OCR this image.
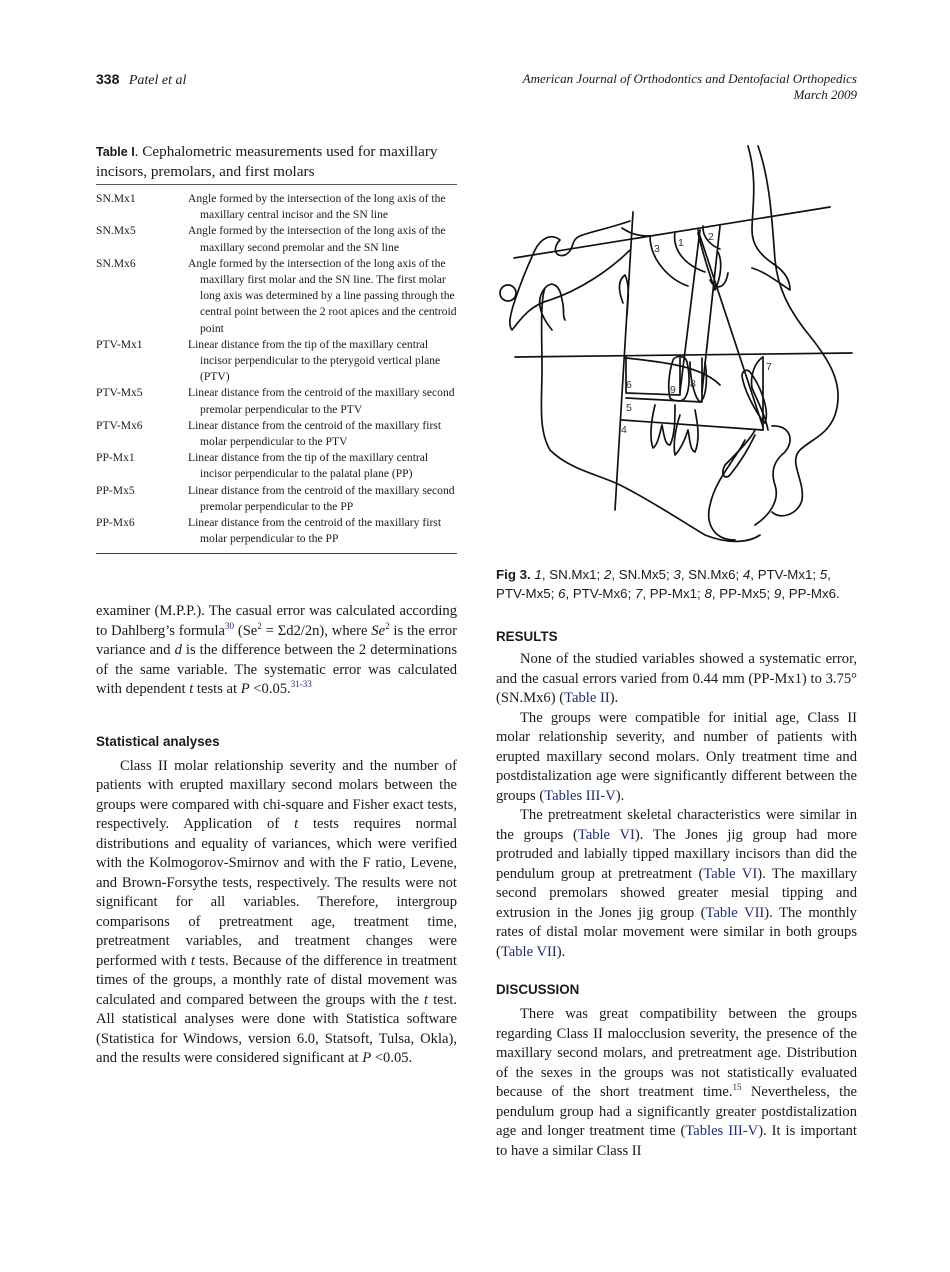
338 Patel et al	American Journal of Orthodontics and Dentofacial Orthopedics
March 2009
Table I. Cephalometric measurements used for maxillary incisors, premolars, and first molars
SN.Mx1	Angle formed by the intersection of the long axis of the maxillary central incisor and the SN line
SN.Mx5	Angle formed by the intersection of the long axis of the maxillary second premolar and the SN line
SN.Mx6	Angle formed by the intersection of the long axis of the maxillary first molar and the SN line. The first molar long axis was determined by a line passing through the central point between the 2 root apices and the centroid point
PTV-Mx1	Linear distance from the tip of the maxillary central incisor perpendicular to the pterygoid vertical plane (PTV)
PTV-Mx5	Linear distance from the centroid of the maxillary second premolar perpendicular to the PTV
PTV-Mx6	Linear distance from the centroid of the maxillary first molar perpendicular to the PTV
PP-Mx1	Linear distance from the tip of the maxillary central incisor perpendicular to the palatal plane (PP)
PP-Mx5	Linear distance from the centroid of the maxillary second premolar perpendicular to the PP
PP-Mx6	Linear distance from the centroid of the maxillary first molar perpendicular to the PP

examiner (M.P.P.). The casual error was calculated according to Dahlberg’s formula$^{30}$ $(Se^2 = \Sigma d2/2n)$, where Se$^2$ is the error variance and d is the difference between the 2 determinations of the same variable. The systematic error was calculated with dependent t tests at P <0.05.$^{31-33}$

Statistical analyses

Class II molar relationship severity and the number of patients with erupted maxillary second molars between the groups were compared with chi-square and Fisher exact tests, respectively. Application of t tests requires normal distributions and equality of variances, which were verified with the Kolmogorov-Smirnov and with the F ratio, Levene, and Brown-Forsythe tests, respectively. The results were not significant for all variables. Therefore, intergroup comparisons of pretreatment age, treatment time, pretreatment variables, and treatment changes were performed with t tests. Because of the difference in treatment times of the groups, a monthly rate of distal movement was calculated and compared between the groups with the t test. All statistical analyses were done with Statistica software (Statistica for Windows, version 6.0, Statsoft, Tulsa, Okla), and the results were considered significant at P <0.05.

3 1 2
4
5
6
7
8
9
Fig 3. 1, SN.Mx1; 2, SN.Mx5; 3, SN.Mx6; 4, PTV-Mx1; 5, PTV-Mx5; 6, PTV-Mx6; 7, PP-Mx1; 8, PP-Mx5; 9, PP-Mx6.
RESULTS

None of the studied variables showed a systematic error, and the casual errors varied from 0.44 mm (PP-Mx1) to 3.75° (SN.Mx6) (Table II).

The groups were compatible for initial age, Class II molar relationship severity, and number of patients with erupted maxillary second molars. Only treatment time and postdistalization age were significantly different between the groups (Tables III-V).

The pretreatment skeletal characteristics were similar in the groups (Table VI). The Jones jig group had more protruded and labially tipped maxillary incisors than did the pendulum group at pretreatment (Table VI). The maxillary second premolars showed greater mesial tipping and extrusion in the Jones jig group (Table VII). The monthly rates of distal molar movement were similar in both groups (Table VII).

DISCUSSION

There was great compatibility between the groups regarding Class II malocclusion severity, the presence of the maxillary second molars, and pretreatment age. Distribution of the sexes in the groups was not statistically evaluated because of the short treatment time.$^{15}$ Nevertheless, the pendulum group had a significantly greater postdistalization age and longer treatment time (Tables III-V). It is important to have a similar Class II
